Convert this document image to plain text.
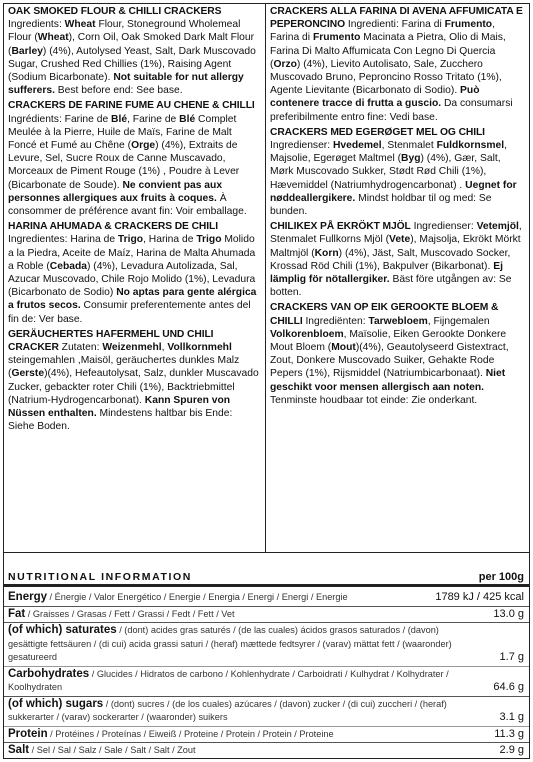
OAK SMOKED FLOUR & CHILLI CRACKERS Ingredients: Wheat Flour, Stoneground Wholemeal Flour (Wheat), Corn Oil, Oak Smoked Dark Malt Flour (Barley) (4%), Autolysed Yeast, Salt, Dark Muscovado Sugar, Crushed Red Chillies (1%), Raising Agent (Sodium Bicarbonate). Not suitable for nut allergy sufferers. Best before end: See base.
CRACKERS DE FARINE FUME AU CHENE & CHILLI Ingrédients: Farine de Blé, Farine de Blé Complet Meulée à la Pierre, Huile de Maïs, Farine de Malt Foncé et Fumé au Chêne (Orge) (4%), Extraits de Levure, Sel, Sucre Roux de Canne Muscavado, Morceaux de Piment Rouge (1%) , Poudre à Lever (Bicarbonate de Soude). Ne convient pas aux personnes allergiques aux fruits à coques. À consommer de préférence avant fin: Voir emballage.
HARINA AHUMADA & CRACKERS DE CHILI Ingredientes: Harina de Trigo, Harina de Trigo Molido a la Piedra, Aceite de Maíz, Harina de Malta Ahumada a Roble (Cebada) (4%), Levadura Autolizada, Sal, Azucar Muscovado, Chile Rojo Molido (1%), Levadura (Bicarbonato de Sodio) No aptas para gente alérgica a frutos secos. Consumir preferentemente antes del fin de: Ver base.
GERÄUCHERTES HAFERMEHL UND CHILI CRACKER Zutaten: Weizenmehl, Vollkornmehl steingemahlen ,Maisöl, geräuchertes dunkles Malz (Gerste)(4%), Hefeautolysat, Salz, dunkler Muscavado Zucker, gebackter roter Chili (1%), Backtriebmittel (Natrium-Hydrogencarbonat). Kann Spuren von Nüssen enthalten. Mindestens haltbar bis Ende: Siehe Boden.
CRACKERS ALLA FARINA DI AVENA AFFUMICATA E PEPERONCINO Ingredienti: Farina di Frumento, Farina di Frumento Macinata a Pietra, Olio di Mais, Farina Di Malto Affumicata Con Legno Di Quercia (Orzo) (4%), Lievito Autolisato, Sale, Zucchero Muscovado Bruno, Peproncino Rosso Tritato (1%), Agente Lievitante (Bicarbonato di Sodio). Può contenere tracce di frutta a guscio. Da consumarsi preferibilmente entro fine: Vedi base.
CRACKERS MED EGERØGET MEL OG CHILI Ingredienser: Hvedemel, Stenmalet Fuldkornsmel, Majsolie, Egerøget Maltmel (Byg) (4%), Gær, Salt, Mørk Muscovado Sukker, Stødt Rød Chili (1%), Hævemiddel (Natriumhydrogencarbonat) . Uegnet for nøddeallergikere. Mindst holdbar til og med: Se bunden.
CHILIKEX PÅ EKRÖKT MJÖL Ingredienser: Vetemjöl, Stenmalet Fullkorns Mjöl (Vete), Majsolja, Ekrökt Mörkt Maltmjöl (Korn) (4%), Jäst, Salt, Muscovado Socker, Krossad Röd Chili (1%), Bakpulver (Bikarbonat). Ej lämplig för nötallergiker. Bäst före utgången av: Se botten.
CRACKERS VAN OP EIK GEROOKTE BLOEM & CHILLI Ingrediënten: Tarwebloem, Fijngemalen Volkorenbloem, Maïsolie, Eiken Gerookte Donkere Mout Bloem (Mout)(4%), Geautolyseerd Gistextract, Zout, Donkere Muscovado Suiker, Gehakte Rode Pepers (1%), Rijsmiddel (Natriumbicarbonaat). Niet geschikt voor mensen allergisch aan noten. Tenminste houdbaar tot einde: Zie onderkant.
NUTRITIONAL INFORMATION	per 100g
Energy / Énergie / Valor Energético / Energie / Energia / Energi / Energi / Energie	1789 kJ / 425 kcal
Fat / Graisses / Grasas / Fett / Grassi / Fedt / Fett / Vet	13.0 g
(of which) saturates / (dont) acides gras saturés / (de las cuales) ácidos grasos saturados / (davon) gesättigte fettsäuren / (di cui) acida grassi saturi / (heraf) mættede fedtsyrer / (varav) mättat fett / (waaronder) gesatureerd	1.7 g
Carbohydrates / Glucides / Hidratos de carbono / Kohlenhydrate / Carboidrati / Kulhydrat / Kolhydrater / Koolhydraten	64.6 g
(of which) sugars / (dont) sucres / (de los cuales) azúcares / (davon) zucker / (di cui) zuccheri / (heraf) sukkerarter / (varav) sockerarter / (waaronder) suikers	3.1 g
Protein / Protéines / Proteínas / Eiweiß / Proteine / Protein / Protein / Proteine	11.3 g
Salt / Sel / Sal / Salz / Sale / Salt / Salt / Zout	2.9 g
